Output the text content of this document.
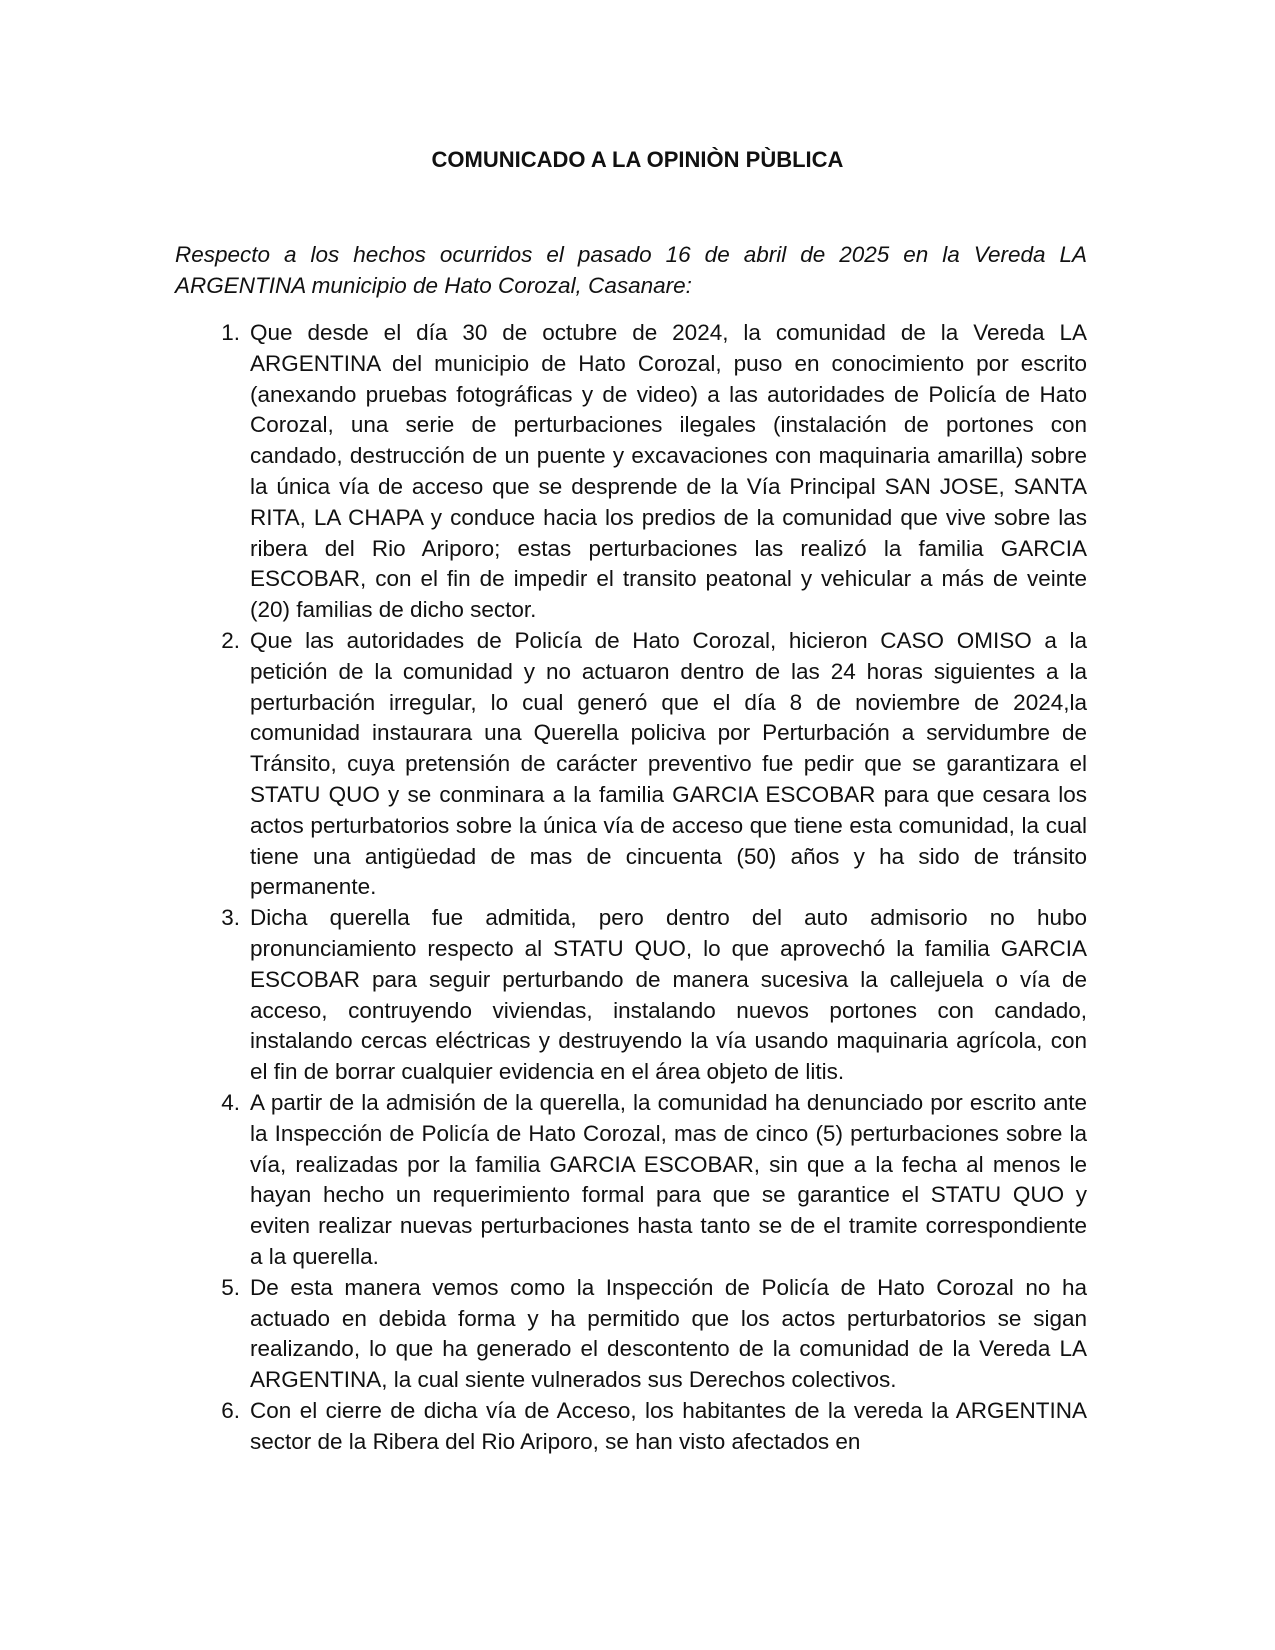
COMUNICADO A LA OPINIÒN PÙBLICA

Respecto a los hechos ocurridos el pasado 16 de abril de 2025 en la Vereda LA ARGENTINA municipio de Hato Corozal, Casanare:

1. Que desde el día 30 de octubre de 2024, la comunidad de la Vereda LA ARGENTINA del municipio de Hato Corozal, puso en conocimiento por escrito (anexando pruebas fotográficas y de video) a las autoridades de Policía de Hato Corozal, una serie de perturbaciones ilegales (instalación de portones con candado, destrucción de un puente y excavaciones con maquinaria amarilla) sobre la única vía de acceso que se desprende de la Vía Principal SAN JOSE, SANTA RITA, LA CHAPA y conduce hacia los predios de la comunidad que vive sobre las ribera del Rio Ariporo; estas perturbaciones las realizó la familia GARCIA ESCOBAR, con el fin de impedir el transito peatonal y vehicular a más de veinte (20) familias de dicho sector.
2. Que las autoridades de Policía de Hato Corozal, hicieron CASO OMISO a la petición de la comunidad y no actuaron dentro de las 24 horas siguientes a la perturbación irregular, lo cual generó que el día 8 de noviembre de 2024,la comunidad instaurara una Querella policiva por Perturbación a servidumbre de Tránsito, cuya pretensión de carácter preventivo fue pedir que se garantizara el STATU QUO y se conminara a la familia GARCIA ESCOBAR para que cesara los actos perturbatorios sobre la única vía de acceso que tiene esta comunidad, la cual tiene una antigüedad de mas de cincuenta (50) años y ha sido de tránsito permanente.
3. Dicha querella fue admitida, pero dentro del auto admisorio no hubo pronunciamiento respecto al STATU QUO, lo que aprovechó la familia GARCIA ESCOBAR para seguir perturbando de manera sucesiva la callejuela o vía de acceso, contruyendo viviendas, instalando nuevos portones con candado, instalando cercas eléctricas y destruyendo la vía usando maquinaria agrícola, con el fin de borrar cualquier evidencia en el área objeto de litis.
4. A partir de la admisión de la querella, la comunidad ha denunciado por escrito ante la Inspección de Policía de Hato Corozal, mas de cinco (5) perturbaciones sobre la vía, realizadas por la familia GARCIA ESCOBAR, sin que a la fecha al menos le hayan hecho un requerimiento formal para que se garantice el STATU QUO y eviten realizar nuevas perturbaciones hasta tanto se de el tramite correspondiente a la querella.
5. De esta manera vemos como la Inspección de Policía de Hato Corozal no ha actuado en debida forma y ha permitido que los actos perturbatorios se sigan realizando, lo que ha generado el descontento de la comunidad de la Vereda LA ARGENTINA, la cual siente vulnerados sus Derechos colectivos.
6. Con el cierre de dicha vía de Acceso, los habitantes de la vereda la ARGENTINA sector de la Ribera del Rio Ariporo, se han visto afectados en
